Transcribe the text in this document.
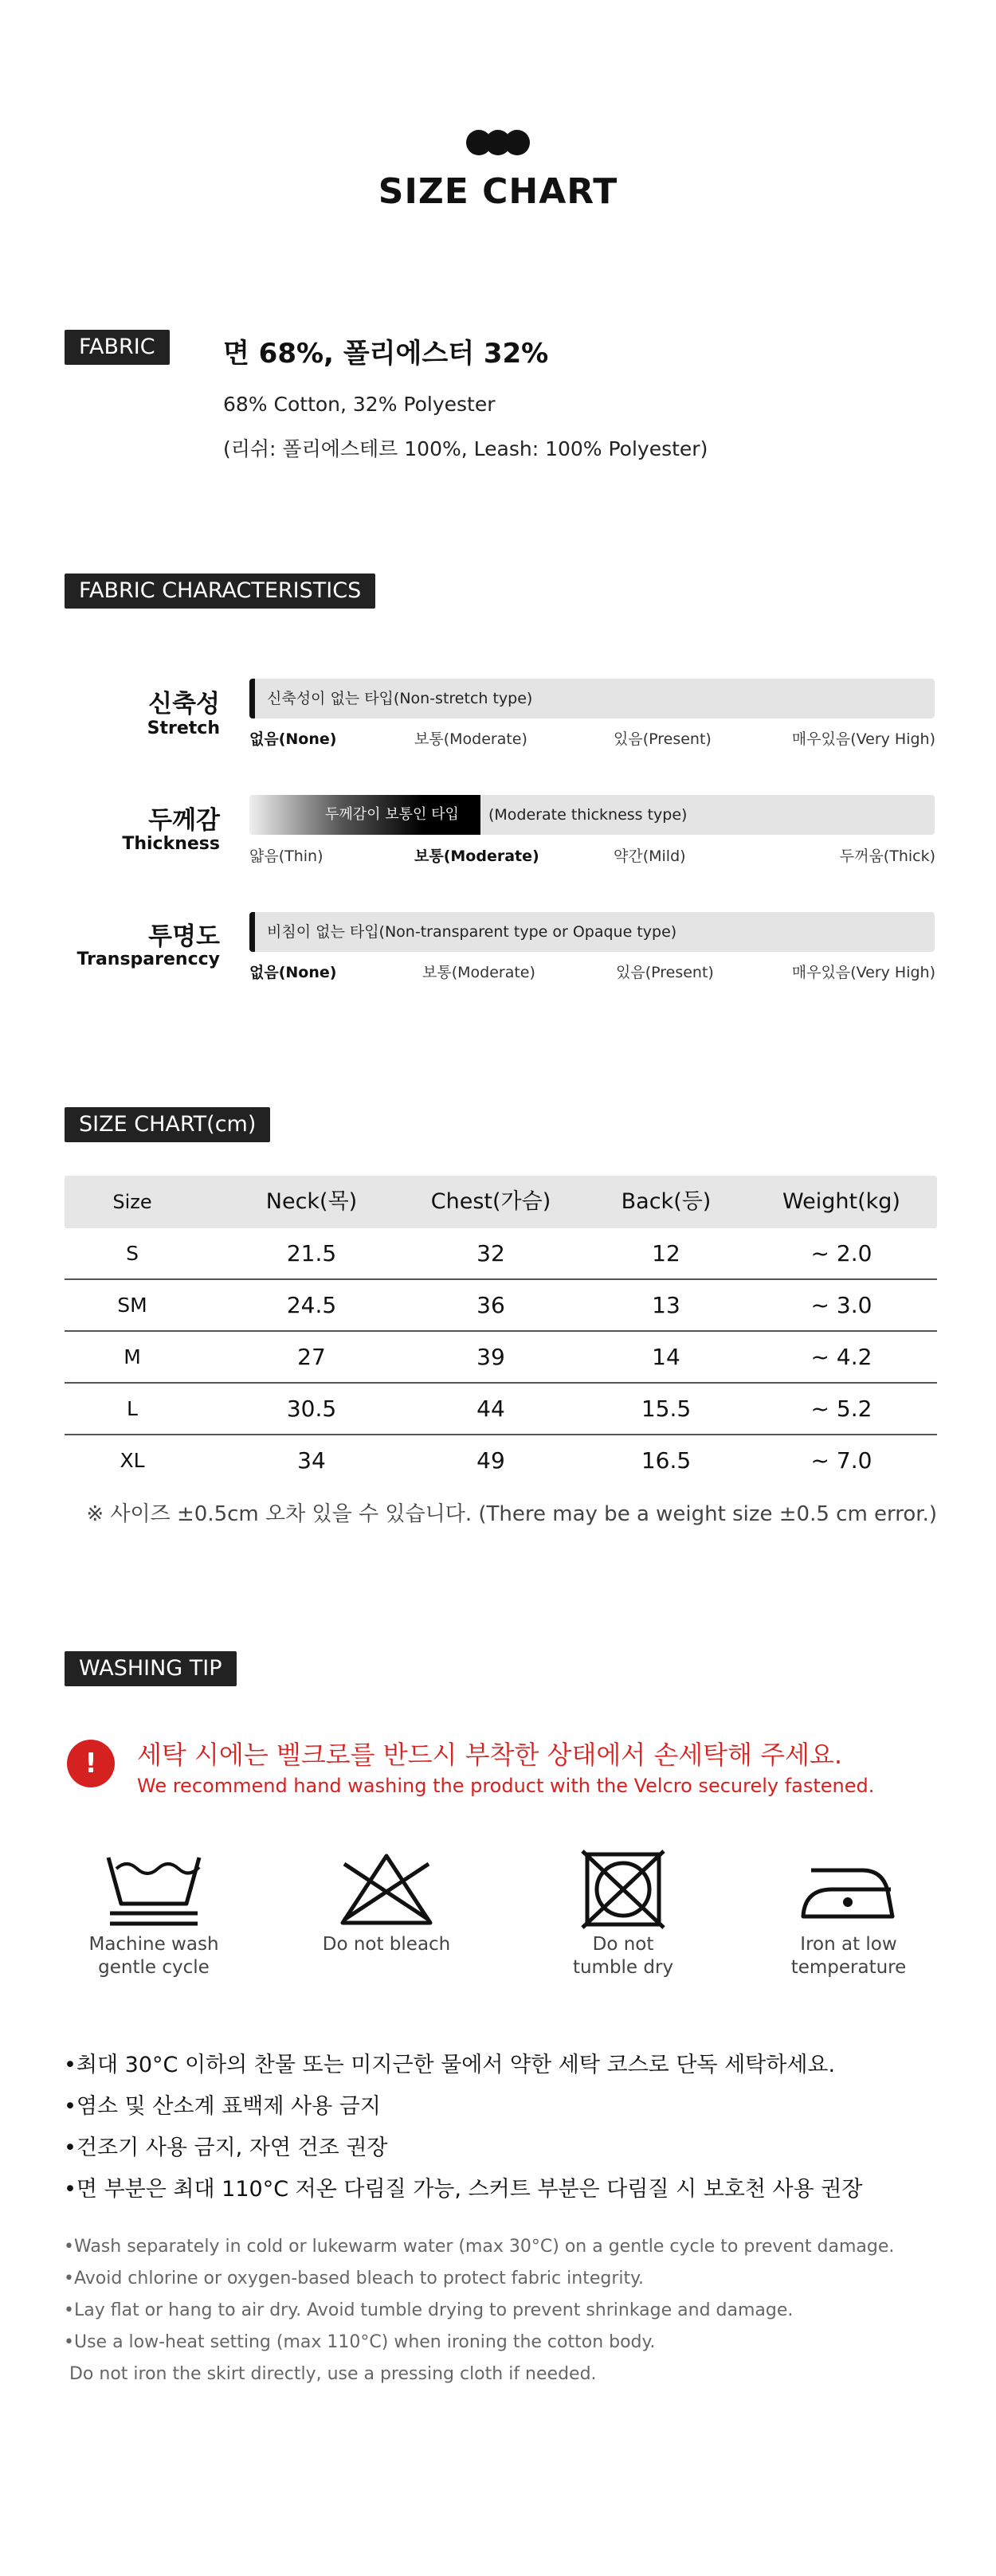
SIZE CHART
FABRIC	면 68%, 폴리에스터 32%
68% Cotton, 32% Polyester
(리쉬: 폴리에스테르 100%, Leash: 100% Polyester)
FABRIC CHARACTERISTICS
신축성
Stretch
신축성이 없는 타입(Non-stretch type)
없음(None)	보통(Moderate)	있음(Present)	매우있음(Very High)
두께감
Thickness
두께감이 보통인 타입 (Moderate thickness type)
얇음(Thin)	보통(Moderate)	약간(Mild)	두꺼움(Thick)
투명도
Transparenccy
비침이 없는 타입(Non-transparent type or Opaque type)
없음(None)	보통(Moderate)	있음(Present)	매우있음(Very High)
SIZE CHART(cm)
Size	Neck(목)	Chest(가슴)	Back(등)	Weight(kg)
S	21.5	32	12	~ 2.0
SM	24.5	36	13	~ 3.0
M	27	39	14	~ 4.2
L	30.5	44	15.5	~ 5.2
XL	34	49	16.5	~ 7.0
※ 사이즈 ±0.5cm 오차 있을 수 있습니다. (There may be a weight size ±0.5 cm error.)
WASHING TIP
!	세탁 시에는 벨크로를 반드시 부착한 상태에서 손세탁해 주세요.
We recommend hand washing the product with the Velcro securely fastened.
Machine wash
gentle cycle
Do not bleach	Do not
tumble dry
Iron at low
temperature
•최대 30°C 이하의 찬물 또는 미지근한 물에서 약한 세탁 코스로 단독 세탁하세요.
•염소 및 산소계 표백제 사용 금지
•건조기 사용 금지, 자연 건조 권장
•면 부분은 최대 110°C 저온 다림질 가능, 스커트 부분은 다림질 시 보호천 사용 권장
•Wash separately in cold or lukewarm water (max 30°C) on a gentle cycle to prevent damage.
•Avoid chlorine or oxygen-based bleach to protect fabric integrity.
•Lay flat or hang to air dry. Avoid tumble drying to prevent shrinkage and damage.
•Use a low-heat setting (max 110°C) when ironing the cotton body.
Do not iron the skirt directly, use a pressing cloth if needed.
